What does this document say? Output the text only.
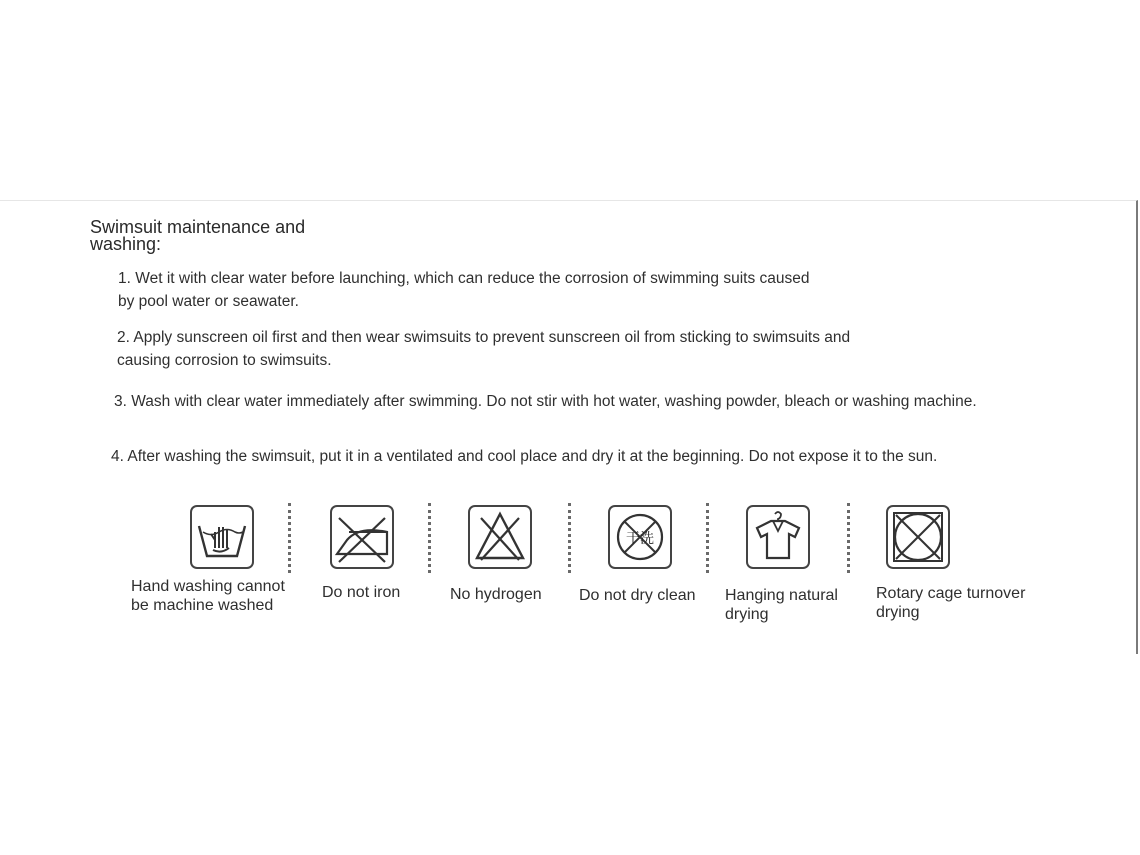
Swimsuit maintenance and washing:
1. Wet it with clear water before launching, which can reduce the corrosion of swimming suits caused
by pool water or seawater.
2. Apply sunscreen oil first and then wear swimsuits to prevent sunscreen oil from sticking to swimsuits and
causing corrosion to swimsuits.
3. Wash with clear water immediately after swimming. Do not stir with hot water, washing powder, bleach or washing machine.
4. After washing the swimsuit, put it in a ventilated and cool place and dry it at the beginning. Do not expose it to the sun.
干洗
Hand washing cannot be machine washed
Do not iron	No hydrogen	Do not dry clean	Hanging natural drying
Rotary cage turnover drying
